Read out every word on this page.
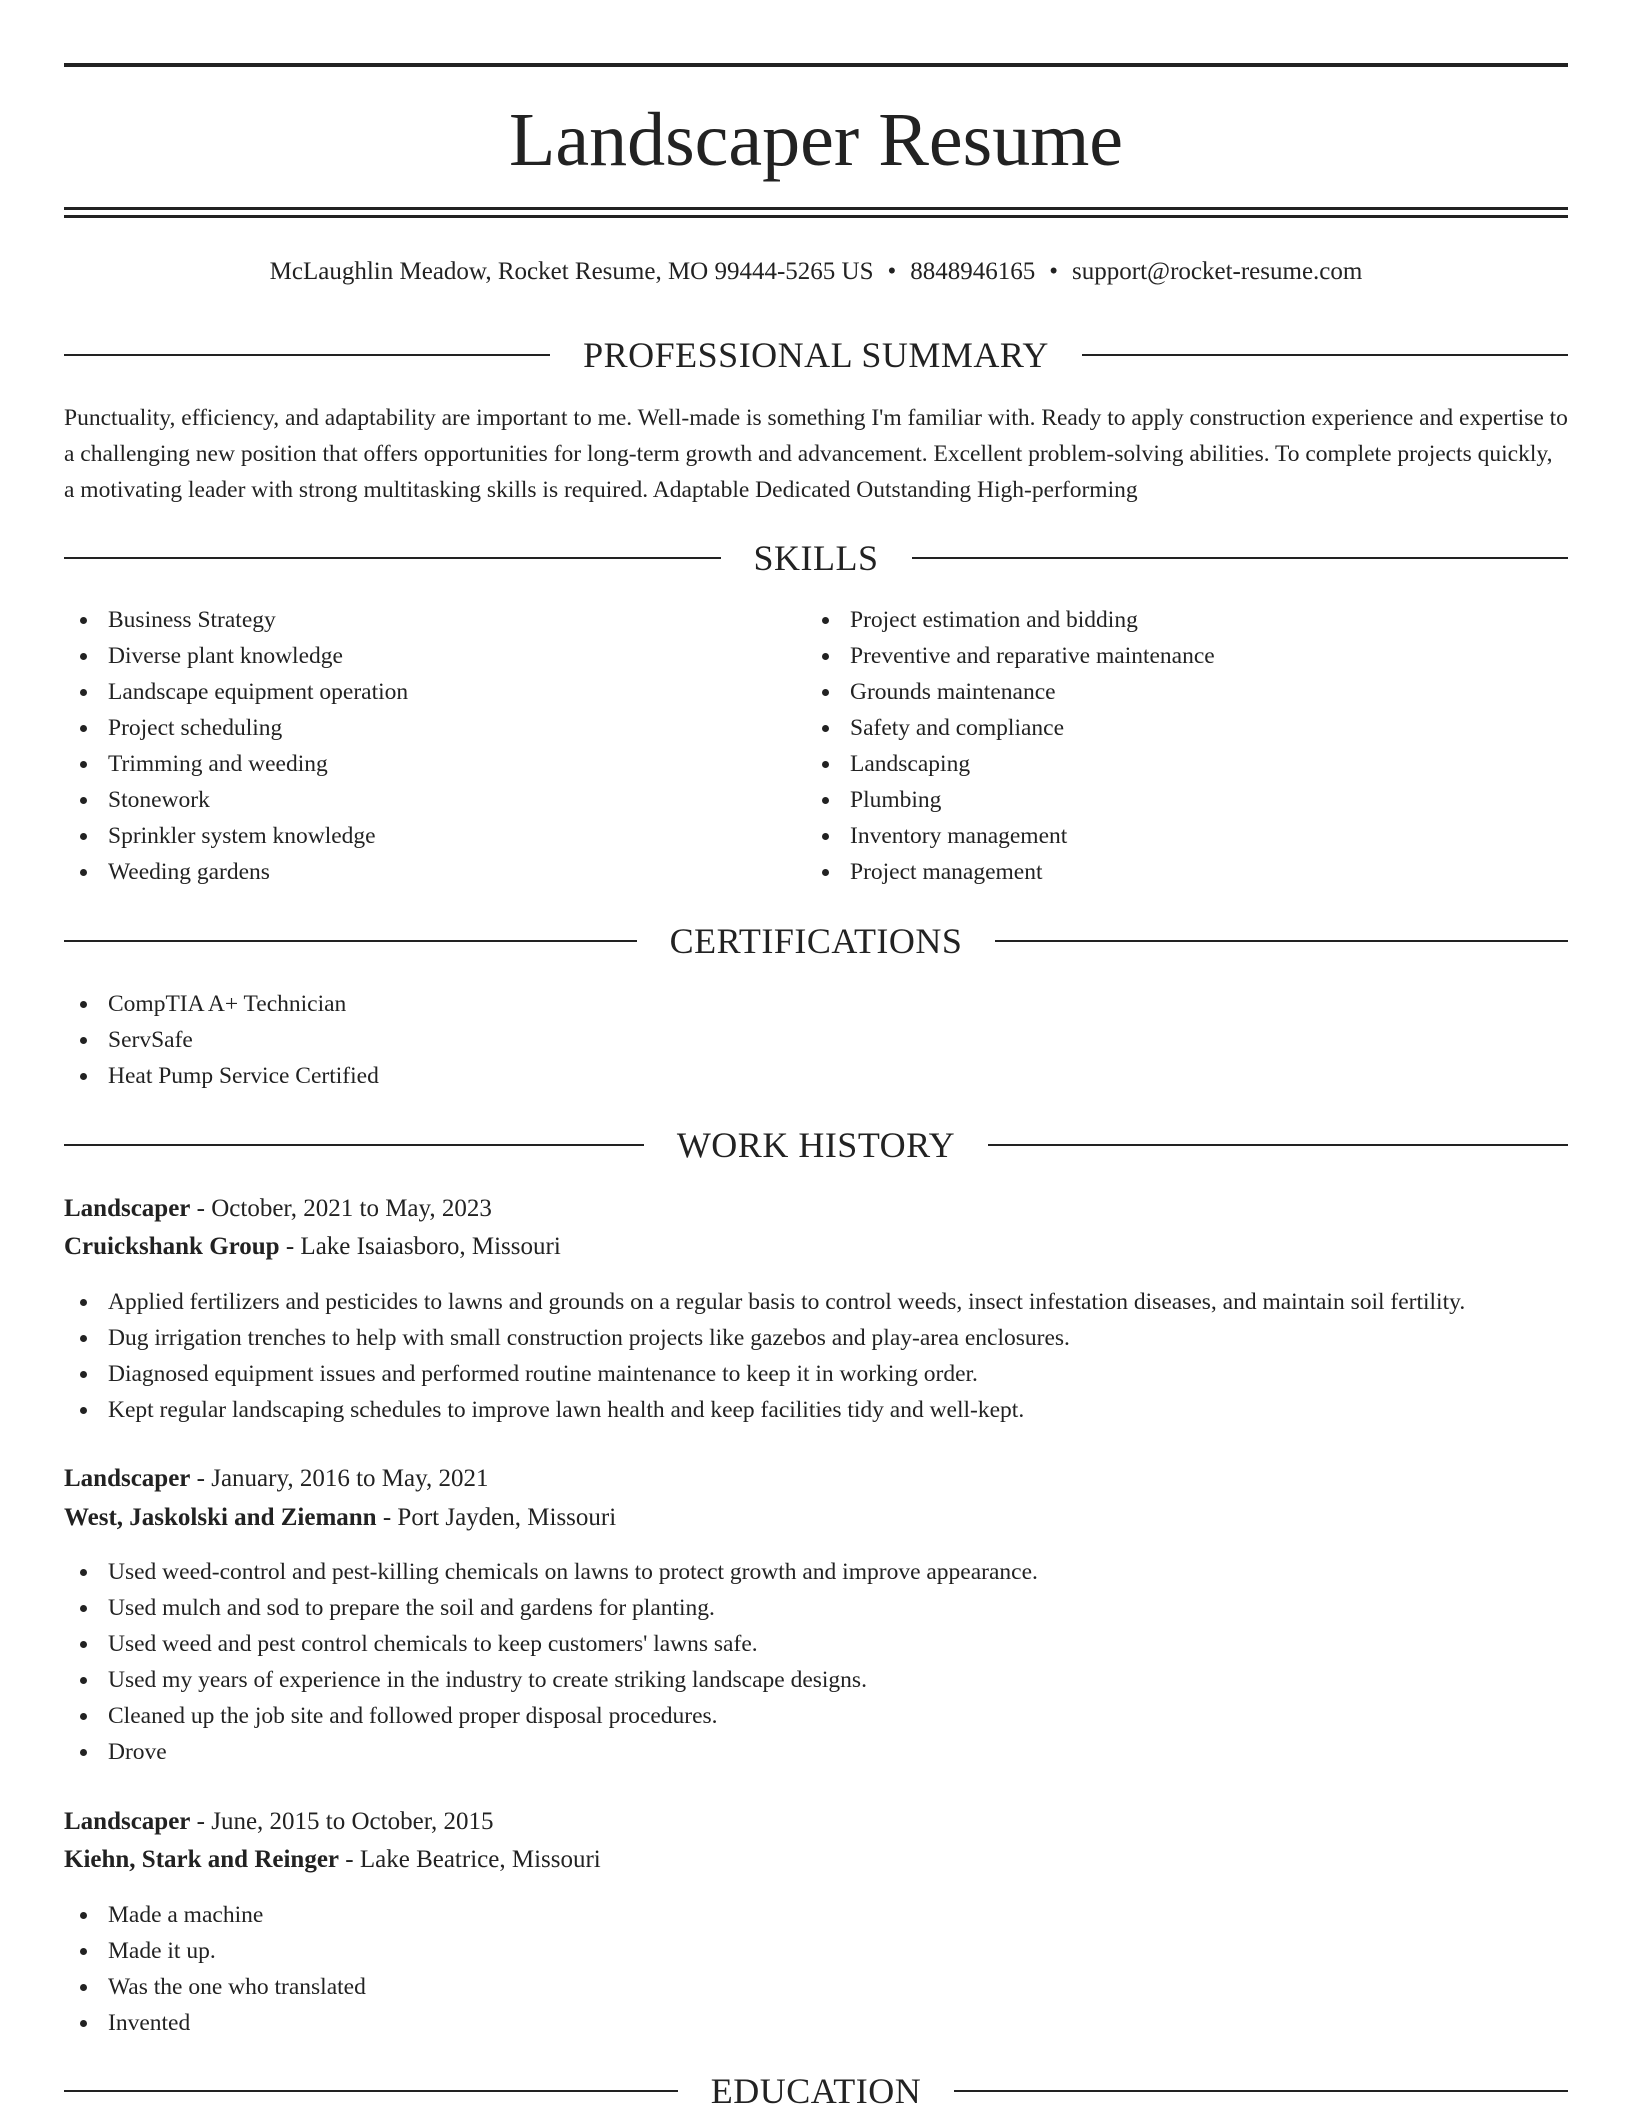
Landscaper Resume
McLaughlin Meadow, Rocket Resume, MO 99444-5265 US • 8848946165 • support@rocket-resume.com
PROFESSIONAL SUMMARY

Punctuality, efficiency, and adaptability are important to me. Well-made is something I'm familiar with. Ready to apply construction experience and expertise to a challenging new position that offers opportunities for long-term growth and advancement. Excellent problem-solving abilities. To complete projects quickly, a motivating leader with strong multitasking skills is required. Adaptable Dedicated Outstanding High-performing

SKILLS
Business Strategy
Diverse plant knowledge
Landscape equipment operation
Project scheduling
Trimming and weeding
Stonework
Sprinkler system knowledge
Weeding gardens
Project estimation and bidding
Preventive and reparative maintenance
Grounds maintenance
Safety and compliance
Landscaping
Plumbing
Inventory management
Project management
CERTIFICATIONS
CompTIA A+ Technician
ServSafe
Heat Pump Service Certified
WORK HISTORY
Landscaper - October, 2021 to May, 2023
Cruickshank Group - Lake Isaiasboro, Missouri
Applied fertilizers and pesticides to lawns and grounds on a regular basis to control weeds, insect infestation diseases, and maintain soil fertility.
Dug irrigation trenches to help with small construction projects like gazebos and play-area enclosures.
Diagnosed equipment issues and performed routine maintenance to keep it in working order.
Kept regular landscaping schedules to improve lawn health and keep facilities tidy and well-kept.
Landscaper - January, 2016 to May, 2021
West, Jaskolski and Ziemann - Port Jayden, Missouri
Used weed-control and pest-killing chemicals on lawns to protect growth and improve appearance.
Used mulch and sod to prepare the soil and gardens for planting.
Used weed and pest control chemicals to keep customers' lawns safe.
Used my years of experience in the industry to create striking landscape designs.
Cleaned up the job site and followed proper disposal procedures.
Drove
Landscaper - June, 2015 to October, 2015
Kiehn, Stark and Reinger - Lake Beatrice, Missouri
Made a machine
Made it up.
Was the one who translated
Invented
EDUCATION
